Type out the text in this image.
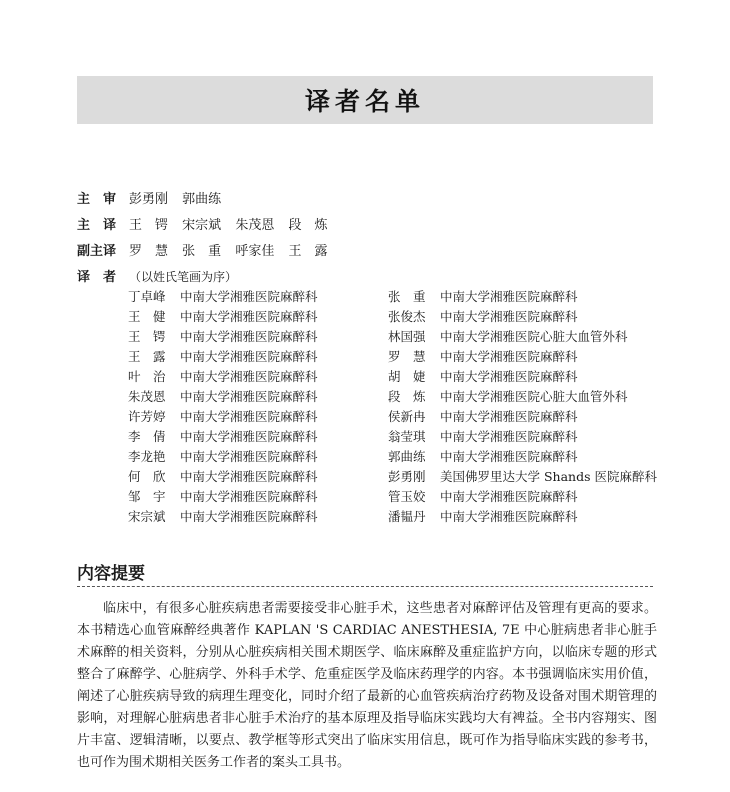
译者名单
主　审 彭勇刚 郭曲练
主　译 王　锷 宋宗斌 朱茂恩 段　炼
副主译 罗　慧 张　重 呼家佳 王　露
译　者	（以姓氏笔画为序）
丁卓峰 中南大学湘雅医院麻醉科
王　健 中南大学湘雅医院麻醉科
王　锷 中南大学湘雅医院麻醉科
王　露 中南大学湘雅医院麻醉科
叶　治 中南大学湘雅医院麻醉科
朱茂恩 中南大学湘雅医院麻醉科
许芳婷 中南大学湘雅医院麻醉科
李　倩 中南大学湘雅医院麻醉科
李龙艳 中南大学湘雅医院麻醉科
何　欣 中南大学湘雅医院麻醉科
邹　宇 中南大学湘雅医院麻醉科
宋宗斌 中南大学湘雅医院麻醉科
张　重 中南大学湘雅医院麻醉科
张俊杰 中南大学湘雅医院麻醉科
林国强 中南大学湘雅医院心脏大血管外科
罗　慧 中南大学湘雅医院麻醉科
胡　婕 中南大学湘雅医院麻醉科
段　炼 中南大学湘雅医院心脏大血管外科
侯新冉 中南大学湘雅医院麻醉科
翁莹琪 中南大学湘雅医院麻醉科
郭曲练 中南大学湘雅医院麻醉科
彭勇刚 美国佛罗里达大学 Shands 医院麻醉科
管玉姣 中南大学湘雅医院麻醉科
潘韫丹 中南大学湘雅医院麻醉科
内容提要

临床中，有很多心脏疾病患者需要接受非心脏手术，这些患者对麻醉评估及管理有更高的要求。本书精选心血管麻醉经典著作 KAPLAN 'S CARDIAC ANESTHESIA, 7E 中心脏病患者非心脏手术麻醉的相关资料，分别从心脏疾病相关围术期医学、临床麻醉及重症监护方向，以临床专题的形式整合了麻醉学、心脏病学、外科手术学、危重症医学及临床药理学的内容。本书强调临床实用价值，阐述了心脏疾病导致的病理生理变化，同时介绍了最新的心血管疾病治疗药物及设备对围术期管理的影响，对理解心脏病患者非心脏手术治疗的基本原理及指导临床实践均大有裨益。全书内容翔实、图片丰富、逻辑清晰，以要点、教学框等形式突出了临床实用信息，既可作为指导临床实践的参考书，也可作为围术期相关医务工作者的案头工具书。
